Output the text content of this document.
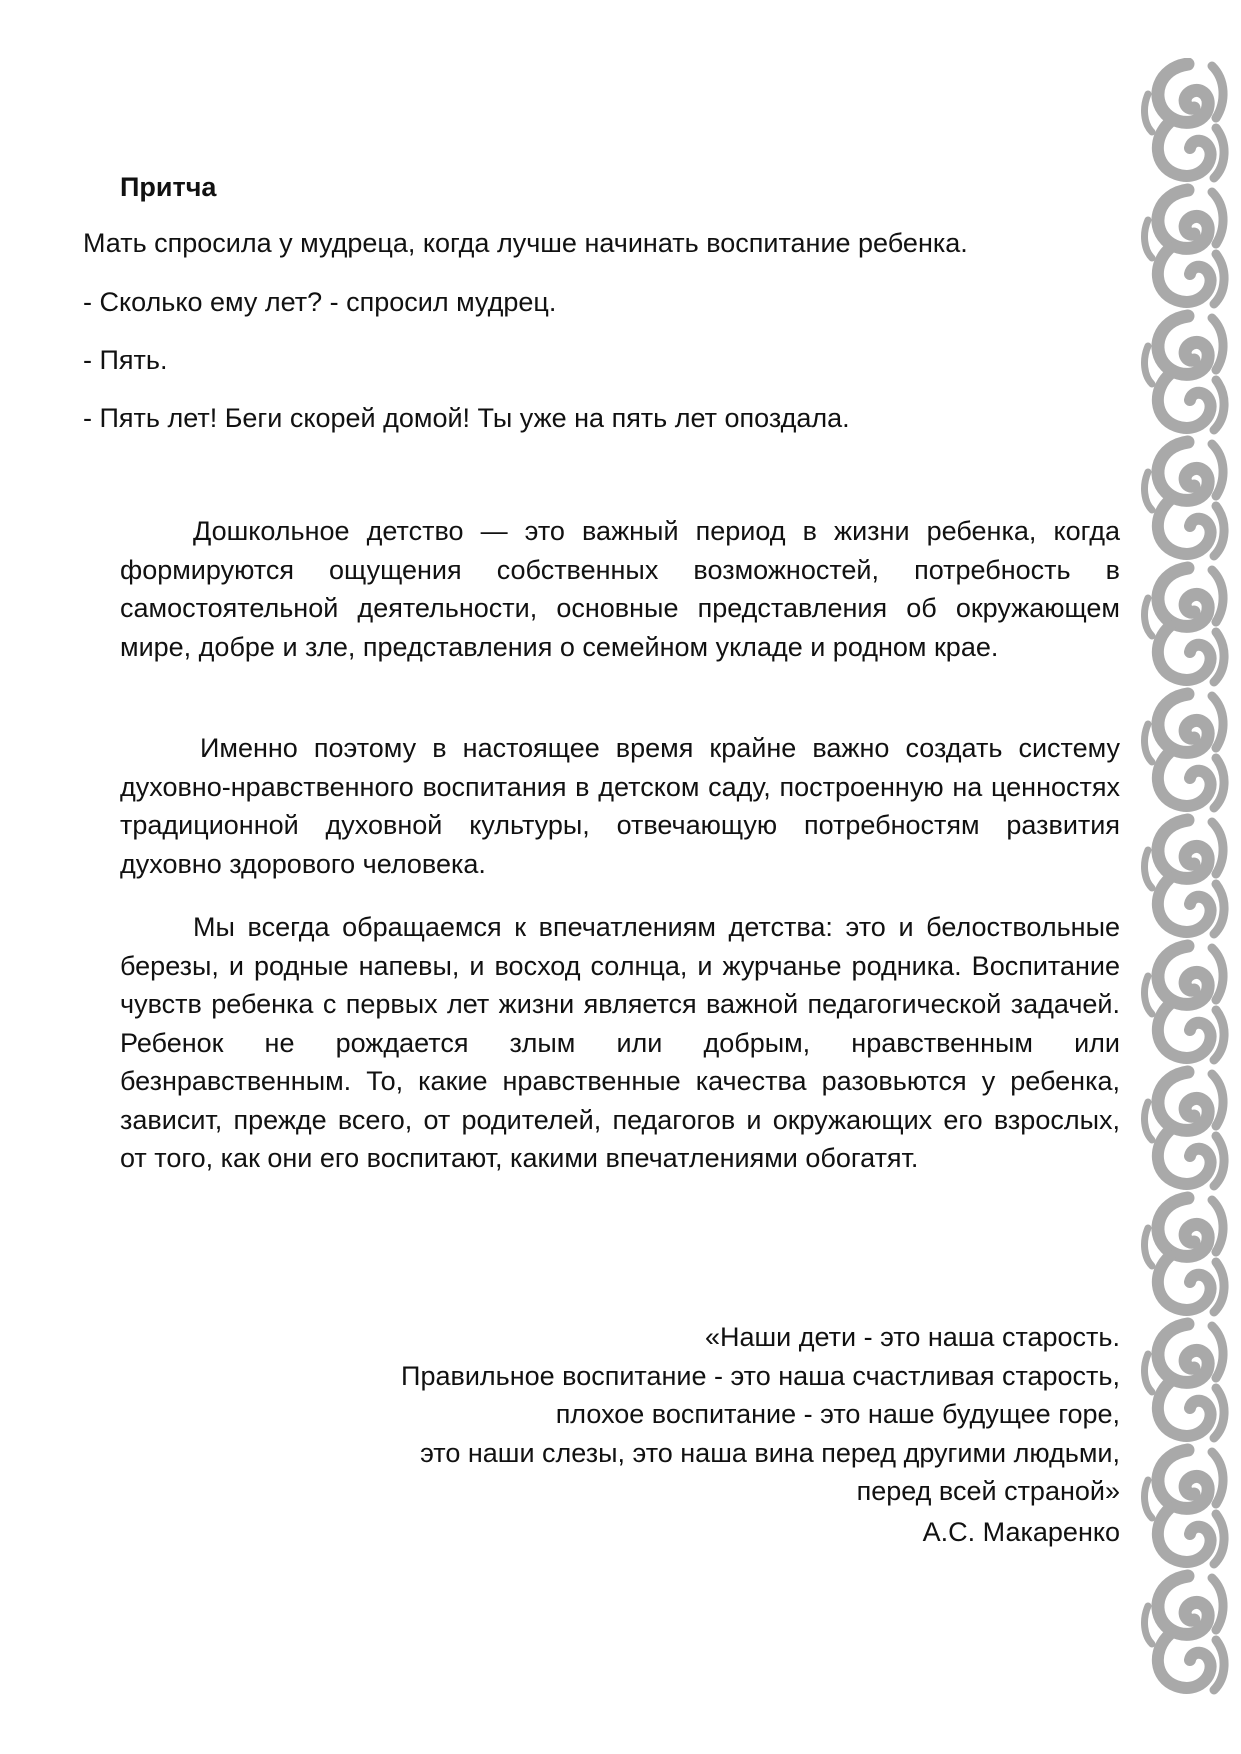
Притча
Мать спросила у мудреца, когда лучше начинать воспитание ребенка.
- Сколько ему лет? - спросил мудрец.
- Пять.
- Пять лет! Беги скорей домой! Ты уже на пять лет опоздала.
Дошкольное детство — это важный период в жизни ребенка, когда формируются ощущения собственных возможностей, потребность в самостоятельной деятельности, основные представления об окружающем мире, добре и зле, представления о семейном укладе и родном крае.
Именно поэтому в настоящее время крайне важно создать систему духовно-нравственного воспитания в детском саду, построенную на ценностях традиционной духовной культуры, отвечающую потребностям развития духовно здорового человека.
Мы всегда обращаемся к впечатлениям детства: это и белоствольные березы, и родные напевы, и восход солнца, и журчанье родника. Воспитание чувств ребенка с первых лет жизни является важной педагогической задачей. Ребенок не рождается злым или добрым, нравственным или безнравственным. То, какие нравственные качества разовьются у ребенка, зависит, прежде всего, от родителей, педагогов и окружающих его взрослых, от того, как они его воспитают, какими впечатлениями обогатят.
«Наши дети - это наша старость.
Правильное воспитание - это наша счастливая старость,
плохое воспитание - это наше будущее горе,
это наши слезы, это наша вина перед другими людьми,
перед всей страной»
А.С. Макаренко
